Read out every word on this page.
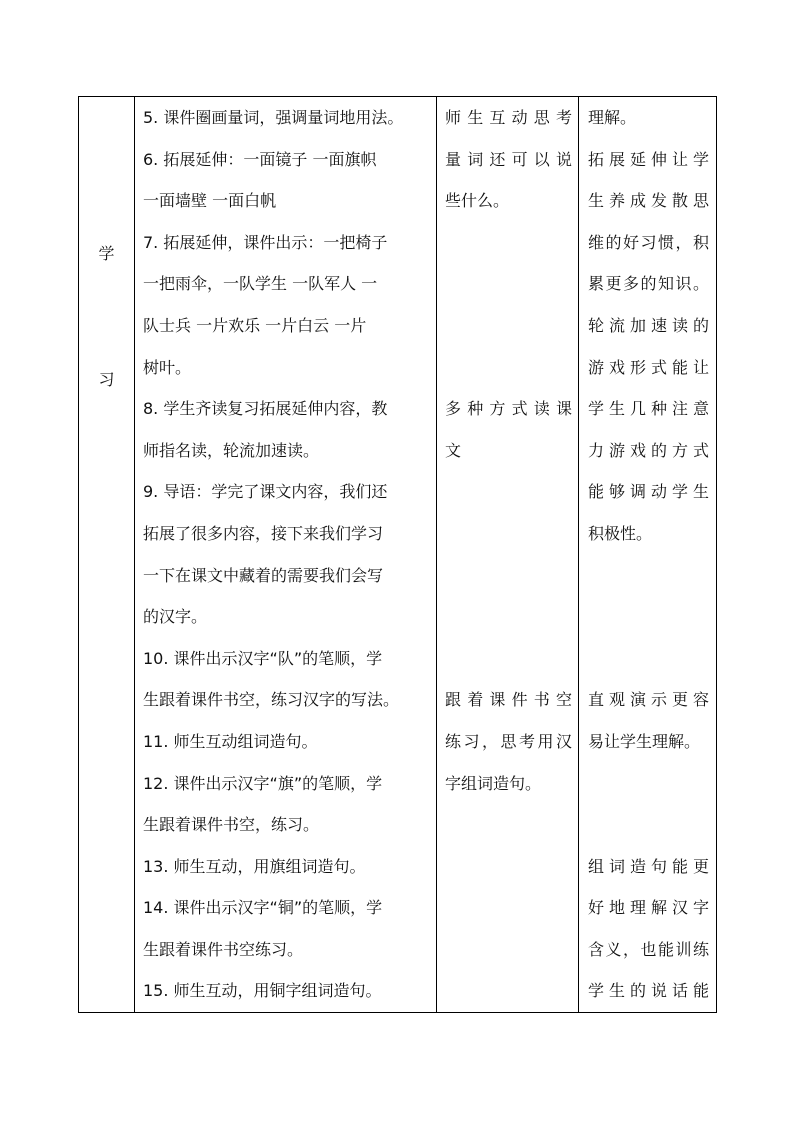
学
习

5. 课件圈画量词，强调量词地用法。
6. 拓展延伸：一面镜子 一面旗帜
一面墙壁 一面白帆
7. 拓展延伸，课件出示：一把椅子
一把雨伞，一队学生 一队军人 一
队士兵 一片欢乐 一片白云 一片
树叶。
8. 学生齐读复习拓展延伸内容，教
师指名读，轮流加速读。
9. 导语：学完了课文内容，我们还
拓展了很多内容，接下来我们学习
一下在课文中藏着的需要我们会写
的汉字。
10. 课件出示汉字“队”的笔顺，学
生跟着课件书空，练习汉字的写法。
11. 师生互动组词造句。
12. 课件出示汉字“旗”的笔顺，学
生跟着课件书空，练习。
13. 师生互动，用旗组词造句。
14. 课件出示汉字“铜”的笔顺，学
生跟着课件书空练习。
15. 师生互动，用铜字组词造句。

师生互动思考
量词还可以说
些什么。
多种方式读课
文
跟着课件书空
练习，思考用汉
字组词造句。

理解。
拓展延伸让学
生养成发散思
维的好习惯，积
累更多的知识。
轮流加速读的
游戏形式能让
学生几种注意
力游戏的方式
能够调动学生
积极性。
直观演示更容
易让学生理解。
组词造句能更
好地理解汉字
含义，也能训练
学生的说话能
